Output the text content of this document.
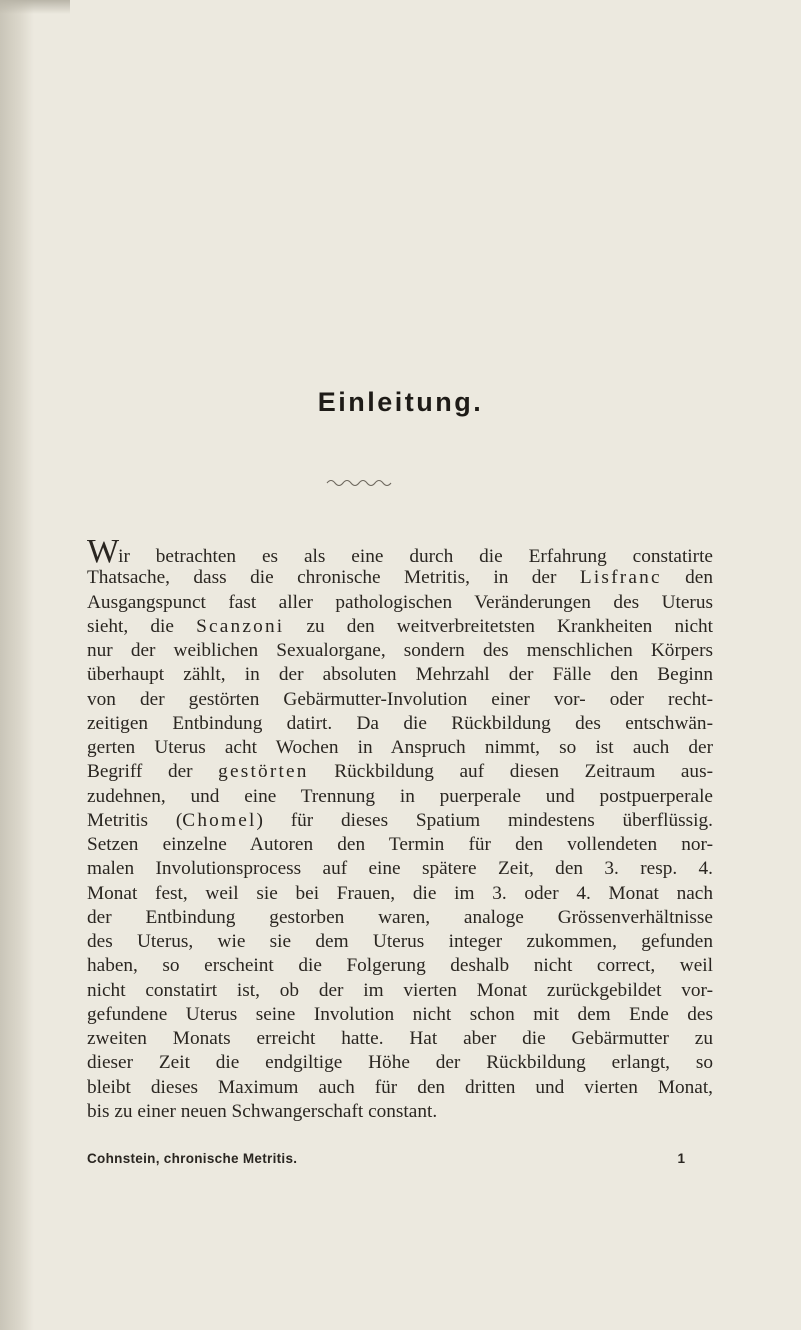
Einleitung.
Wir betrachten es als eine durch die Erfahrung constatirte
Thatsache, dass die chronische Metritis, in der Lisfranc den
Ausgangspunct fast aller pathologischen Veränderungen des Uterus
sieht, die Scanzoni zu den weitverbreitetsten Krankheiten nicht
nur der weiblichen Sexualorgane, sondern des menschlichen Körpers
überhaupt zählt, in der absoluten Mehrzahl der Fälle den Beginn
von der gestörten Gebärmutter-Involution einer vor- oder recht-
zeitigen Entbindung datirt. Da die Rückbildung des entschwän-
gerten Uterus acht Wochen in Anspruch nimmt, so ist auch der
Begriff der gestörten Rückbildung auf diesen Zeitraum aus-
zudehnen, und eine Trennung in puerperale und postpuerperale
Metritis (Chomel) für dieses Spatium mindestens überflüssig.
Setzen einzelne Autoren den Termin für den vollendeten nor-
malen Involutionsprocess auf eine spätere Zeit, den 3. resp. 4.
Monat fest, weil sie bei Frauen, die im 3. oder 4. Monat nach
der Entbindung gestorben waren, analoge Grössenverhältnisse
des Uterus, wie sie dem Uterus integer zukommen, gefunden
haben, so erscheint die Folgerung deshalb nicht correct, weil
nicht constatirt ist, ob der im vierten Monat zurückgebildet vor-
gefundene Uterus seine Involution nicht schon mit dem Ende des
zweiten Monats erreicht hatte. Hat aber die Gebärmutter zu
dieser Zeit die endgiltige Höhe der Rückbildung erlangt, so
bleibt dieses Maximum auch für den dritten und vierten Monat,
bis zu einer neuen Schwangerschaft constant.
Cohnstein, chronische Metritis.	1
